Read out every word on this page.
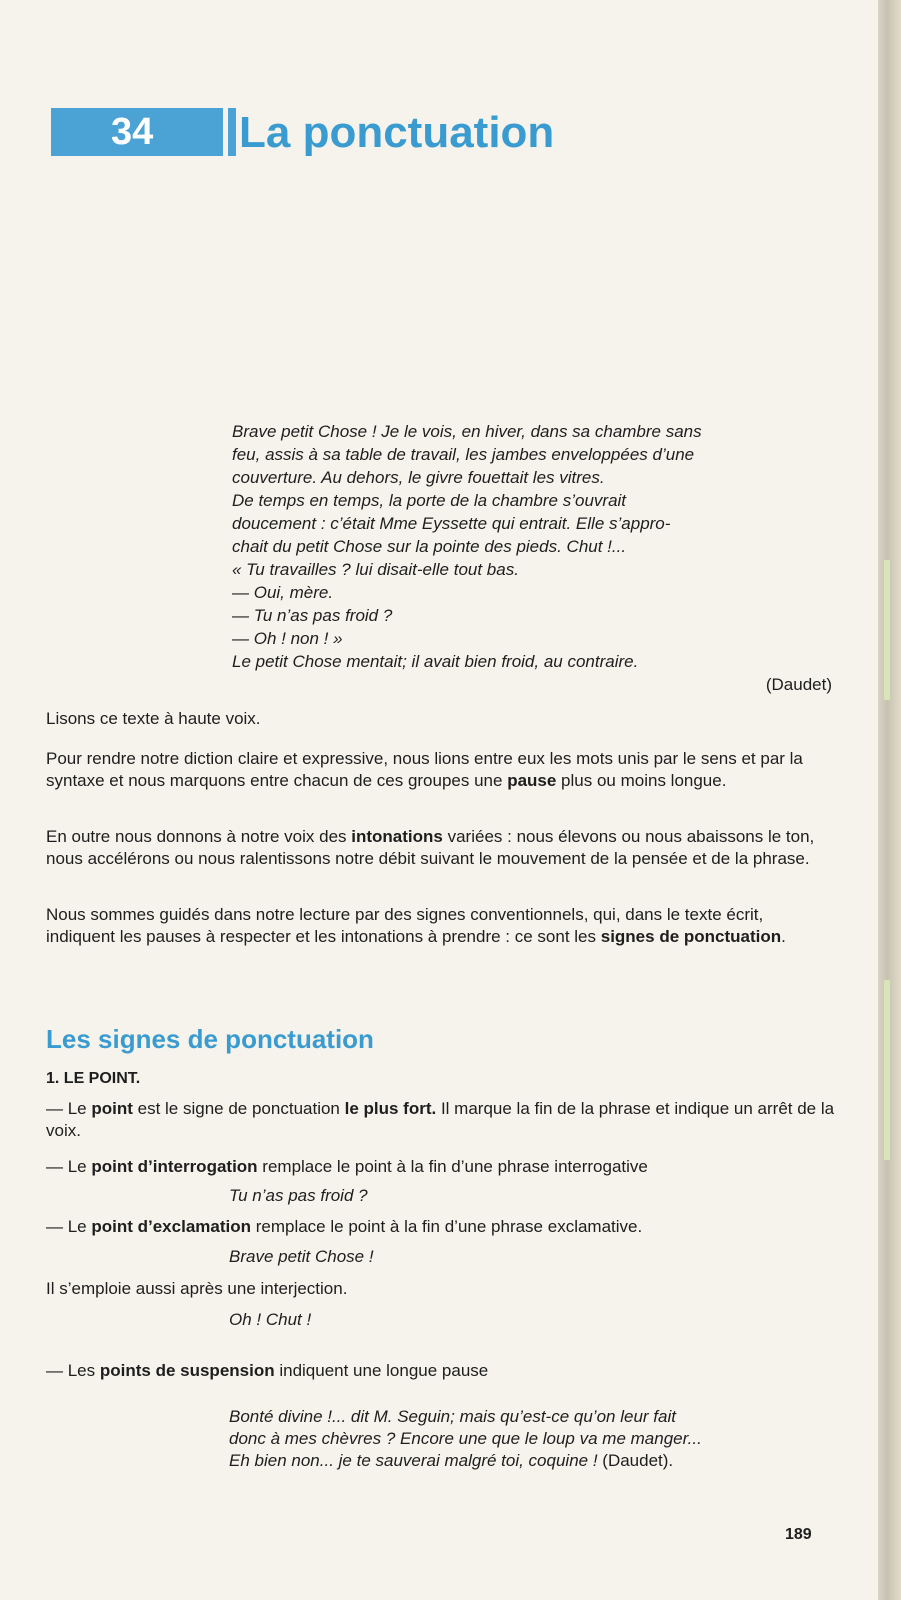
34 La ponctuation

Brave petit Chose ! Je le vois, en hiver, dans sa chambre sans

feu, assis à sa table de travail, les jambes enveloppées d’une

couverture. Au dehors, le givre fouettait les vitres.

De temps en temps, la porte de la chambre s’ouvrait

doucement : c’était Mme Eyssette qui entrait. Elle s’appro-

chait du petit Chose sur la pointe des pieds. Chut !...

« Tu travailles ? lui disait-elle tout bas.

— Oui, mère.

— Tu n’as pas froid ?

— Oh ! non ! »

Le petit Chose mentait; il avait bien froid, au contraire.

(Daudet)

Lisons ce texte à haute voix.

Pour rendre notre diction claire et expressive, nous lions entre eux les mots unis par le sens et par la syntaxe et nous marquons entre chacun de ces groupes une pause plus ou moins longue.

En outre nous donnons à notre voix des intonations variées : nous élevons ou nous abaissons le ton, nous accélérons ou nous ralentissons notre débit suivant le mouvement de la pensée et de la phrase.

Nous sommes guidés dans notre lecture par des signes conventionnels, qui, dans le texte écrit, indiquent les pauses à respecter et les intonations à prendre : ce sont les signes de ponctuation.

Les signes de ponctuation
1. LE POINT.
— Le point est le signe de ponctuation le plus fort. Il marque la fin de la phrase et indique un arrêt de la voix.
— Le point d’interrogation remplace le point à la fin d’une phrase interrogative
Tu n’as pas froid ?
— Le point d’exclamation remplace le point à la fin d’une phrase exclamative.
Brave petit Chose !
Il s’emploie aussi après une interjection.
Oh ! Chut !
— Les points de suspension indiquent une longue pause
Bonté divine !... dit M. Seguin; mais qu’est-ce qu’on leur fait
donc à mes chèvres ? Encore une que le loup va me manger...
Eh bien non... je te sauverai malgré toi, coquine ! (Daudet).
189
